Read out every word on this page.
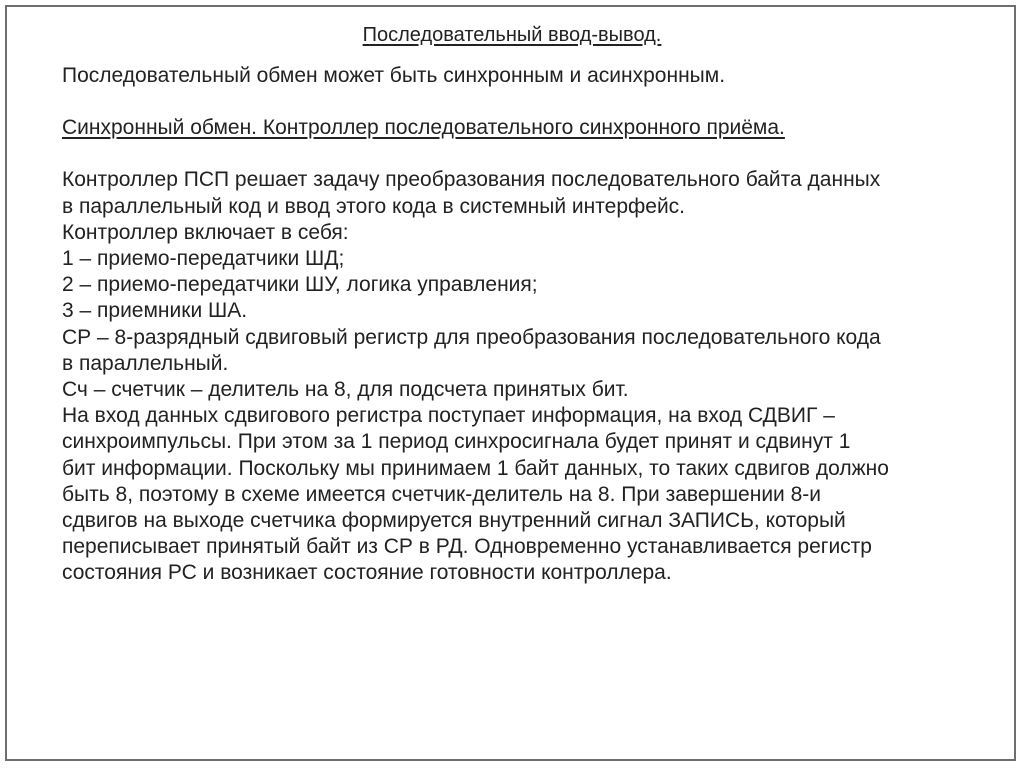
Последовательный ввод-вывод.

Последовательный обмен может быть синхронным и асинхронным.

Синхронный обмен. Контроллер последовательного синхронного приёма.

Контроллер ПСП решает задачу преобразования последовательного байта данных

в параллельный код и ввод этого кода в системный интерфейс.

Контроллер включает в себя:

1 – приемо-передатчики ШД;

2 – приемо-передатчики ШУ, логика управления;

3 – приемники ША.

СР – 8-разрядный сдвиговый регистр для преобразования последовательного кода

в параллельный.

Сч – счетчик – делитель на 8, для подсчета принятых бит.

На вход данных сдвигового регистра поступает информация, на вход СДВИГ –

синхроимпульсы. При этом за 1 период синхросигнала будет принят и сдвинут 1

бит информации. Поскольку мы принимаем 1 байт данных, то таких сдвигов должно

быть 8, поэтому в схеме имеется счетчик-делитель на 8. При завершении 8-и

сдвигов на выходе счетчика формируется внутренний сигнал ЗАПИСЬ, который

переписывает принятый байт из СР в РД. Одновременно устанавливается регистр

состояния РС и возникает состояние готовности контроллера.
